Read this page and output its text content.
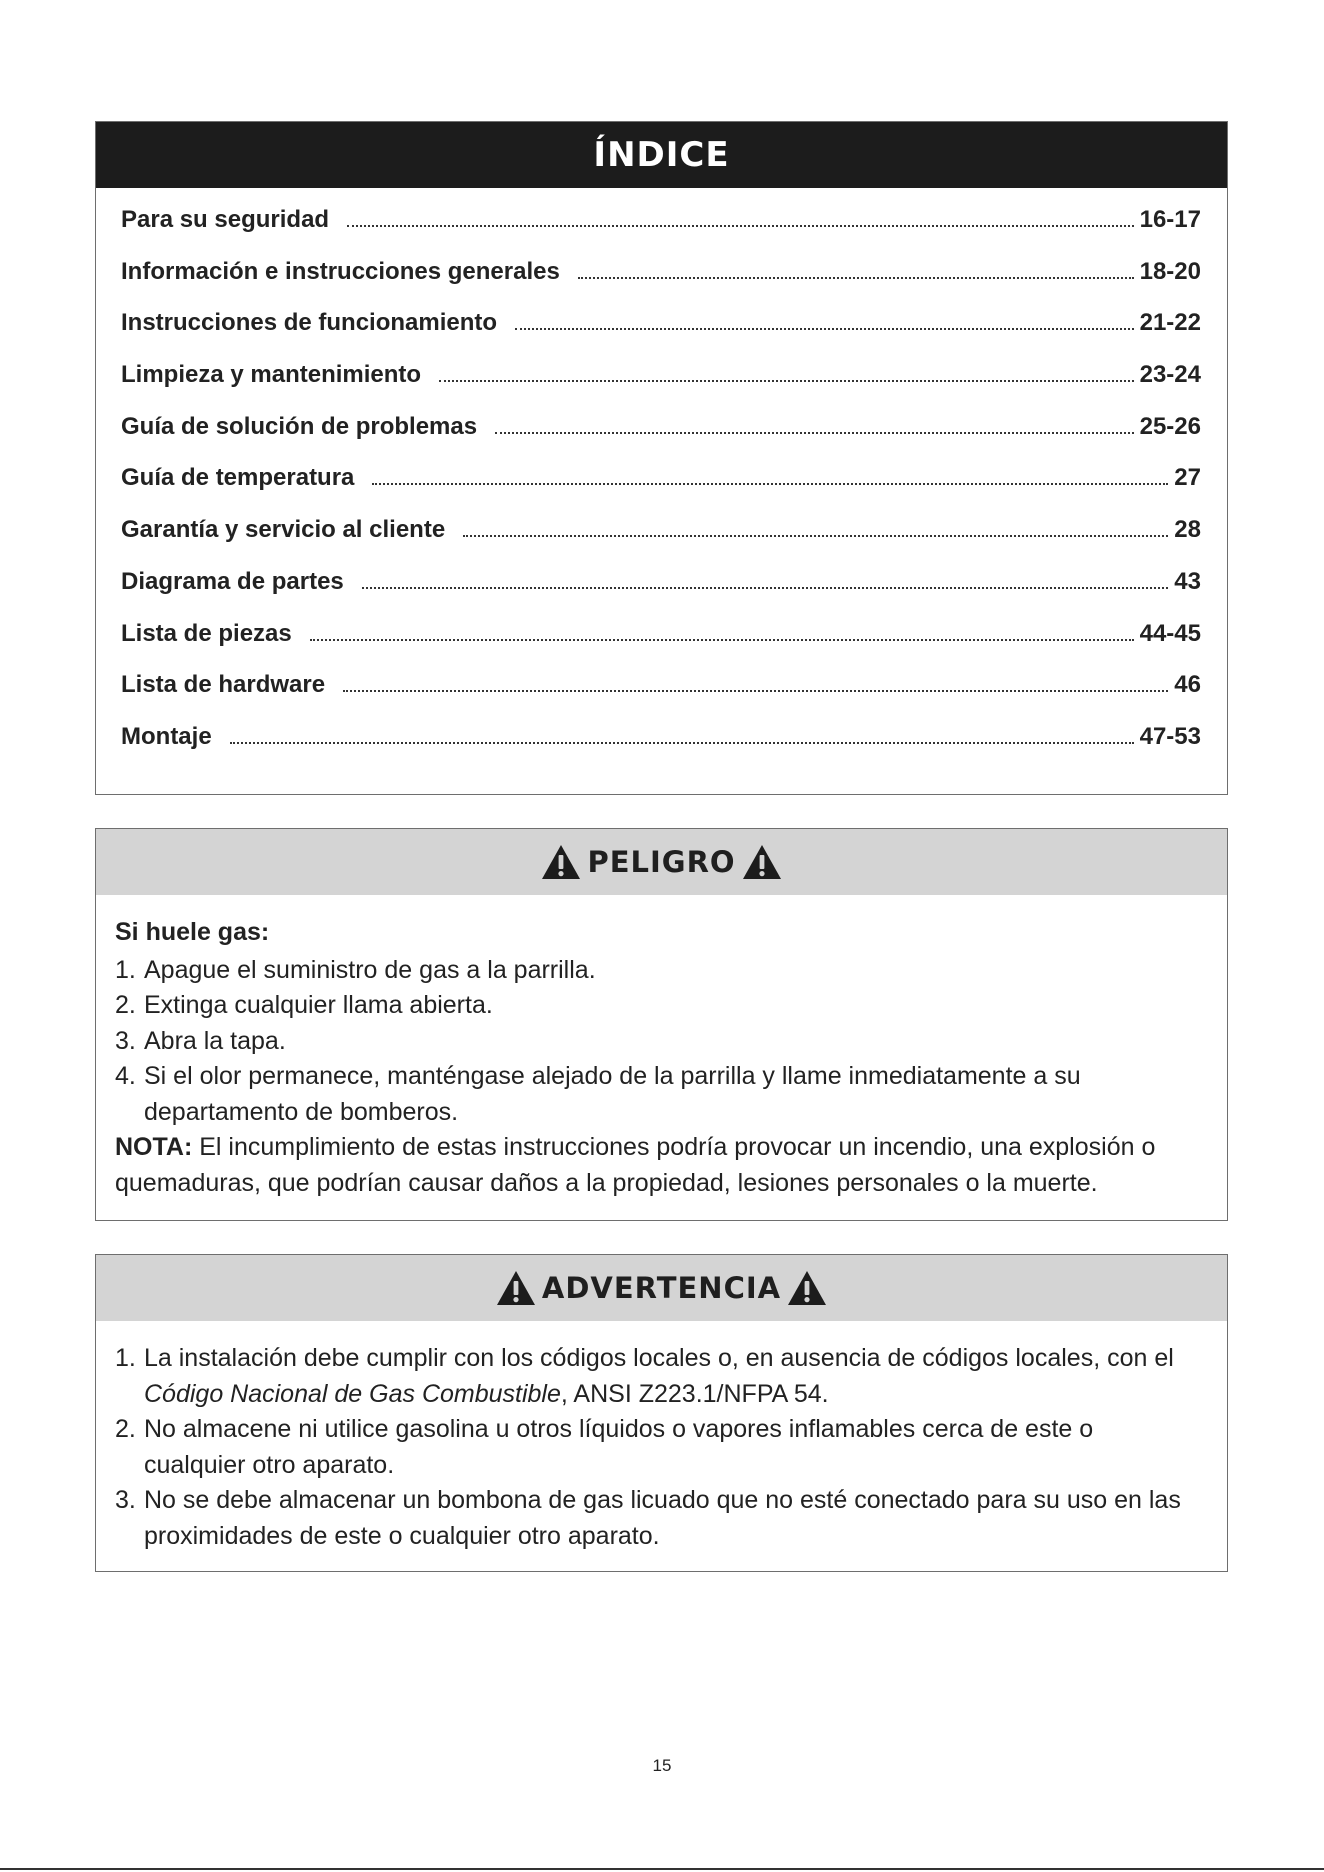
ÍNDICE
Para su seguridad	16-17
Información e instrucciones generales	18-20
Instrucciones de funcionamiento	21-22
Limpieza y mantenimiento	23-24
Guía de solución de problemas	25-26
Guía de temperatura	27
Garantía y servicio al cliente	28
Diagrama de partes	43
Lista de piezas	44-45
Lista de hardware	46
Montaje	47-53
PELIGRO
Si huele gas:
1. Apague el suministro de gas a la parrilla.
2. Extinga cualquier llama abierta.
3. Abra la tapa.
4. Si el olor permanece, manténgase alejado de la parrilla y llame inmediatamente a su departamento de bomberos.
NOTA: El incumplimiento de estas instrucciones podría provocar un incendio, una explosión o quemaduras, que podrían causar daños a la propiedad, lesiones personales o la muerte.
ADVERTENCIA
1. La instalación debe cumplir con los códigos locales o, en ausencia de códigos locales, con el Código Nacional de Gas Combustible, ANSI Z223.1/NFPA 54.
2. No almacene ni utilice gasolina u otros líquidos o vapores inflamables cerca de este o cualquier otro aparato.
3. No se debe almacenar un bombona de gas licuado que no esté conectado para su uso en las proximidades de este o cualquier otro aparato.
15
